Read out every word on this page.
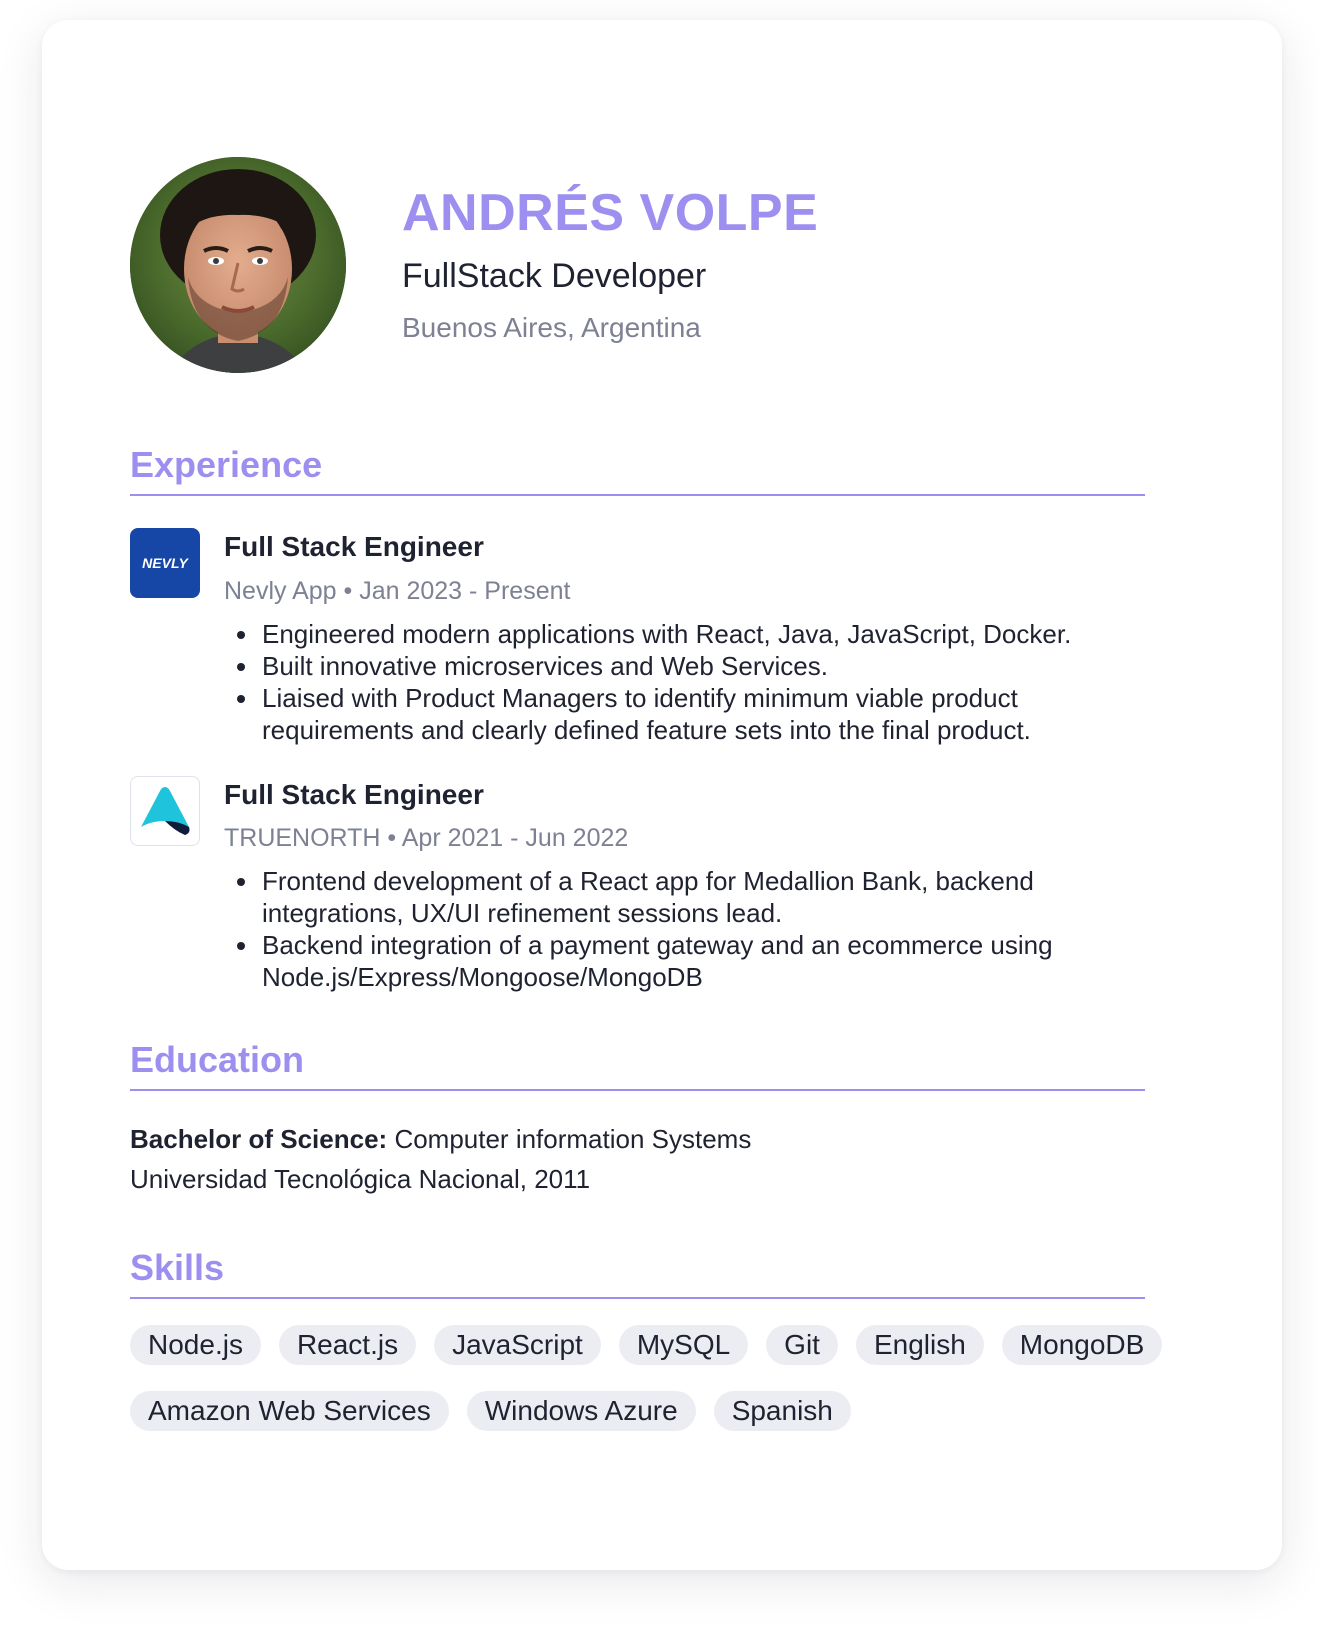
ANDRÉS VOLPE
FullStack Developer
Buenos Aires, Argentina
Experience
NEVLY
Full Stack Engineer
Nevly App • Jan 2023 - Present
Engineered modern applications with React, Java, JavaScript, Docker.
Built innovative microservices and Web Services.
Liaised with Product Managers to identify minimum viable product requirements and clearly defined feature sets into the final product.
Full Stack Engineer
TRUENORTH • Apr 2021 - Jun 2022
Frontend development of a React app for Medallion Bank, backend integrations, UX/UI refinement sessions lead.
Backend integration of a payment gateway and an ecommerce using Node.js/Express/Mongoose/MongoDB
Education
Bachelor of Science: Computer information Systems
Universidad Tecnológica Nacional, 2011
Skills
Node.js	React.js	JavaScript	MySQL	Git	English	MongoDB
Amazon Web Services	Windows Azure	Spanish
